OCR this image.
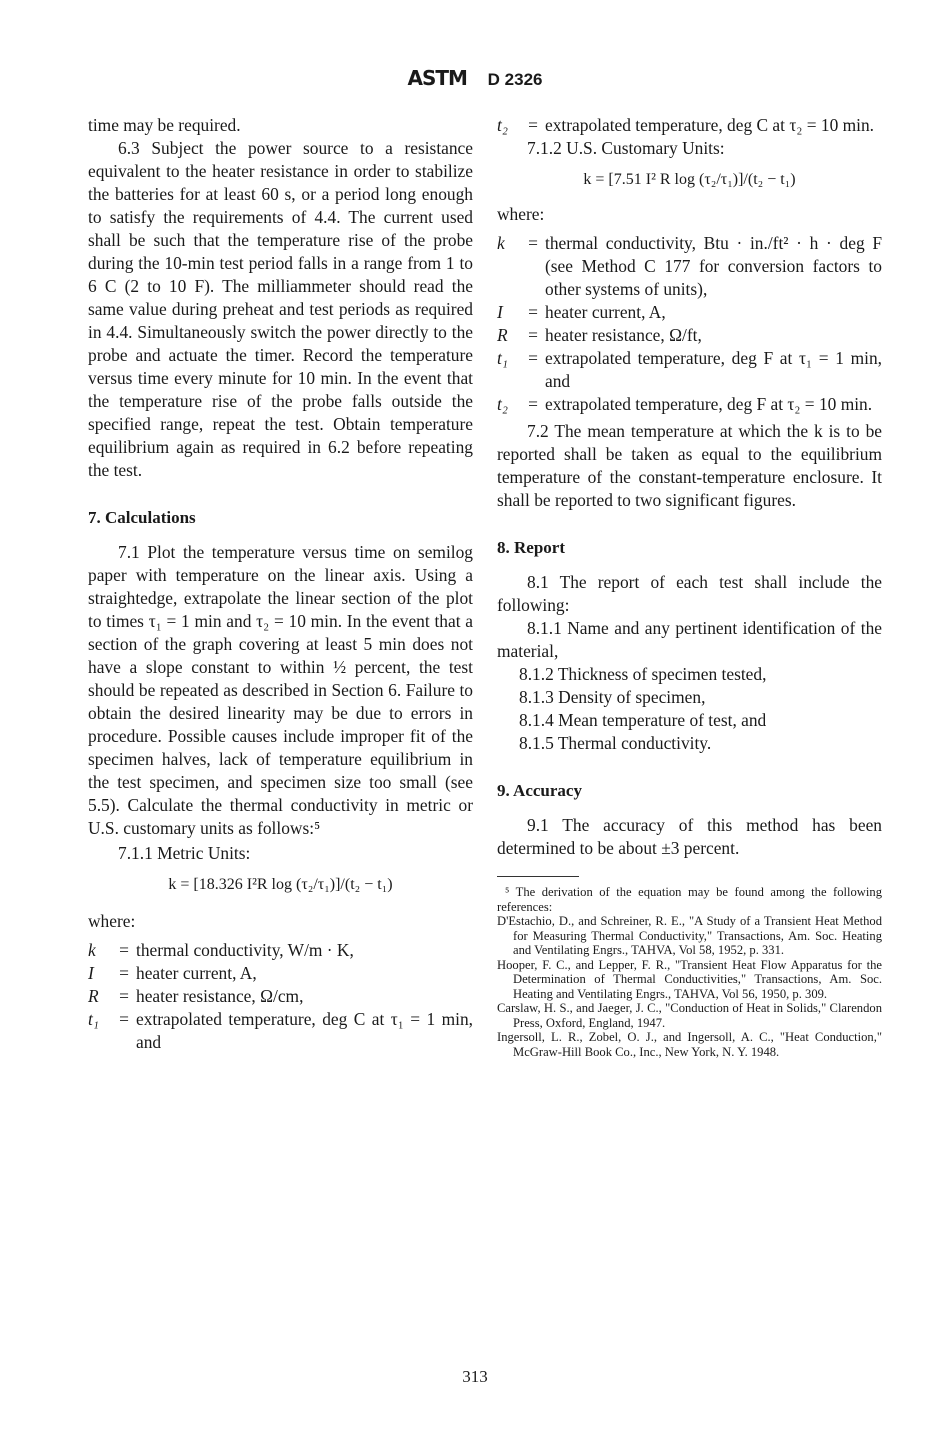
ASTM D 2326

time may be required.

6.3 Subject the power source to a resistance equivalent to the heater resistance in order to stabilize the batteries for at least 60 s, or a period long enough to satisfy the requirements of 4.4. The current used shall be such that the temperature rise of the probe during the 10-min test period falls in a range from 1 to 6 C (2 to 10 F). The milliammeter should read the same value during preheat and test periods as required in 4.4. Simultaneously switch the power directly to the probe and actuate the timer. Record the temperature versus time every minute for 10 min. In the event that the temperature rise of the probe falls outside the specified range, repeat the test. Obtain temperature equilibrium again as required in 6.2 before repeating the test.

7. Calculations

7.1 Plot the temperature versus time on semilog paper with temperature on the linear axis. Using a straightedge, extrapolate the linear section of the plot to times τ₁ = 1 min and τ₂ = 10 min. In the event that a section of the graph covering at least 5 min does not have a slope constant to within ½ percent, the test should be repeated as described in Section 6. Failure to obtain the desired linearity may be due to errors in procedure. Possible causes include improper fit of the specimen halves, lack of temperature equilibrium in the test specimen, and specimen size too small (see 5.5). Calculate the thermal conductivity in metric or U.S. customary units as follows:⁵

7.1.1 Metric Units:

k = [18.326 I²R log (τ₂/τ₁)]/(t₂ − t₁)

where:

k	= thermal conductivity, W/m · K,
I	= heater current, A,
R	= heater resistance, Ω/cm,
t₁	= extrapolated temperature, deg C at τ₁ = 1 min, and
t₂	= extrapolated temperature, deg C at τ₂ = 10 min.

7.1.2 U.S. Customary Units:

k = [7.51 I² R log (τ₂/τ₁)]/(t₂ − t₁)

where:

k	= thermal conductivity, Btu · in./ft² · h · deg F (see Method C 177 for conversion factors to other systems of units),
I	= heater current, A,
R	= heater resistance, Ω/ft,
t₁	= extrapolated temperature, deg F at τ₁ = 1 min, and
t₂	= extrapolated temperature, deg F at τ₂ = 10 min.

7.2 The mean temperature at which the k is to be reported shall be taken as equal to the equilibrium temperature of the constant-temperature enclosure. It shall be reported to two significant figures.

8. Report

8.1 The report of each test shall include the following:

8.1.1 Name and any pertinent identification of the material,

8.1.2 Thickness of specimen tested,

8.1.3 Density of specimen,

8.1.4 Mean temperature of test, and

8.1.5 Thermal conductivity.

9. Accuracy

9.1 The accuracy of this method has been determined to be about ±3 percent.

⁵ The derivation of the equation may be found among the following references:

D'Estachio, D., and Schreiner, R. E., "A Study of a Transient Heat Method for Measuring Thermal Conductivity," Transactions, Am. Soc. Heating and Ventilating Engrs., TAHVA, Vol 58, 1952, p. 331.

Hooper, F. C., and Lepper, F. R., "Transient Heat Flow Apparatus for the Determination of Thermal Conductivities," Transactions, Am. Soc. Heating and Ventilating Engrs., TAHVA, Vol 56, 1950, p. 309.

Carslaw, H. S., and Jaeger, J. C., "Conduction of Heat in Solids," Clarendon Press, Oxford, England, 1947.

Ingersoll, L. R., Zobel, O. J., and Ingersoll, A. C., "Heat Conduction," McGraw-Hill Book Co., Inc., New York, N. Y. 1948.

313
